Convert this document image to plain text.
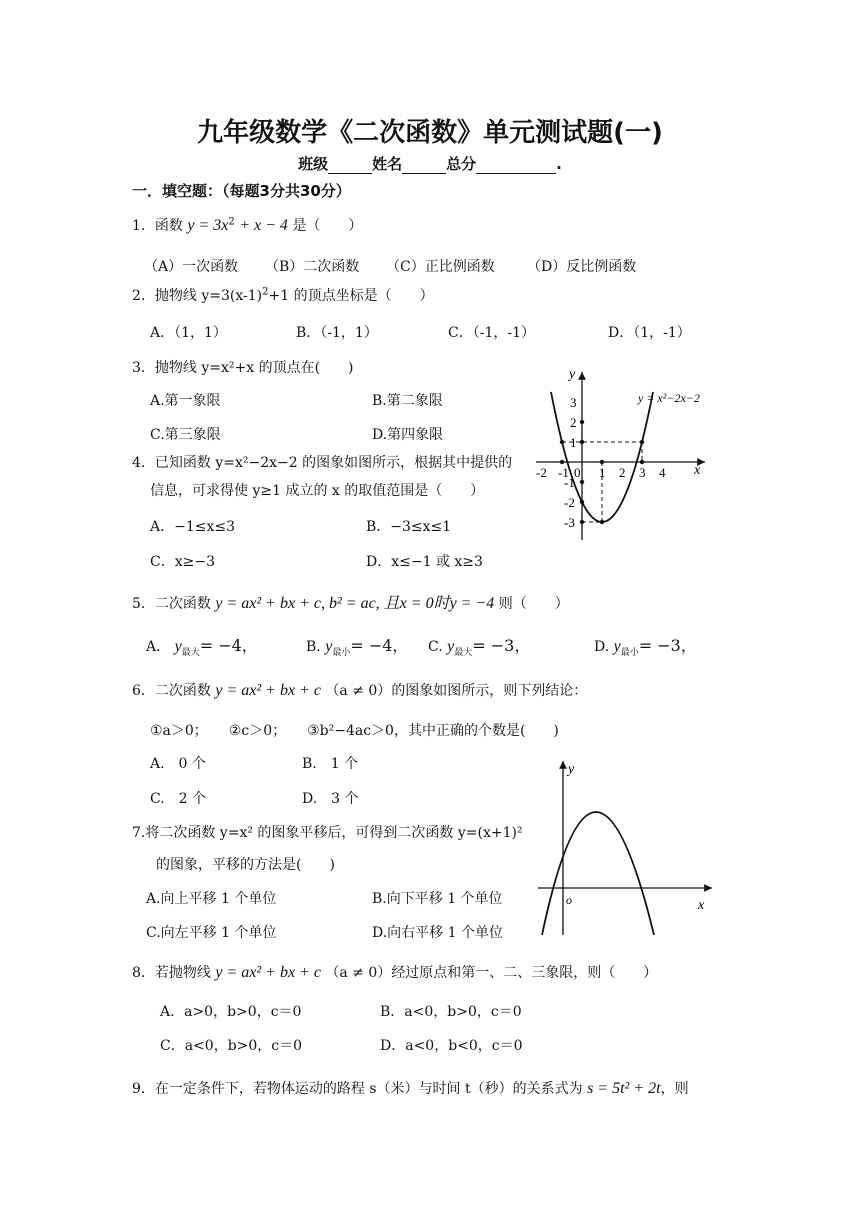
九年级数学《二次函数》单元测试题(一)
班级	姓名	总分	.
一．填空题：（每题3分共30分）
1．函数 $y = 3x^2 + x - 4$ 是（　　）
（A）一次函数 （B）二次函数 （C）正比例函数 （D）反比例函数
2．抛物线 $y=3(x-1)^2+1$ 的顶点坐标是（　　）
A．（1，1）	B．（-1，1）	C．（-1，-1）	D．（1，-1）
3．抛物线 y=x²+x 的顶点在(　　)
A.第一象限	B.第二象限
C.第三象限	D.第四象限
4．已知函数 y=x²−2x−2 的图象如图所示，根据其中提供的
信息，可求得使 y≥1 成立的 x 的取值范围是（　　）
A．−1≤x≤3	B．−3≤x≤1
C．x≥−3	D．x≤−1 或 x≥3
y
x
-2 -1 0 1 2 3 4
3
2
1
-1
-2
-3
y = x²−2x−2
5．二次函数 y = ax² + bx + c, b² = ac, 且x = 0时y = −4 则（　　）
A． $y_{最大}= -4$，	B. $y_{最小}= -4$， C. $y_{最大}= -3$，	D. $y_{最小}= -3$，
6．二次函数 y = ax² + bx + c （a ≠ 0）的图象如图所示，则下列结论：
①a＞0；　　②c＞0；　　③b²−4ac＞0，其中正确的个数是(　　)
A.　0 个	B.　1 个
C.　2 个	D.　3 个
y
x
o
7.将二次函数 y=x² 的图象平移后，可得到二次函数 y=(x+1)²
的图象，平移的方法是(　　)
A.向上平移 1 个单位	B.向下平移 1 个单位
C.向左平移 1 个单位	D.向右平移 1 个单位
8．若抛物线 y = ax² + bx + c （a ≠ 0）经过原点和第一、二、三象限，则（　　）
A．a>0，b>0，c＝0	B．a<0，b>0，c＝0
C．a<0，b>0，c＝0	D．a<0，b<0，c＝0
9．在一定条件下，若物体运动的路程 s（米）与时间 t（秒）的关系式为 s = 5t² + 2t，则
